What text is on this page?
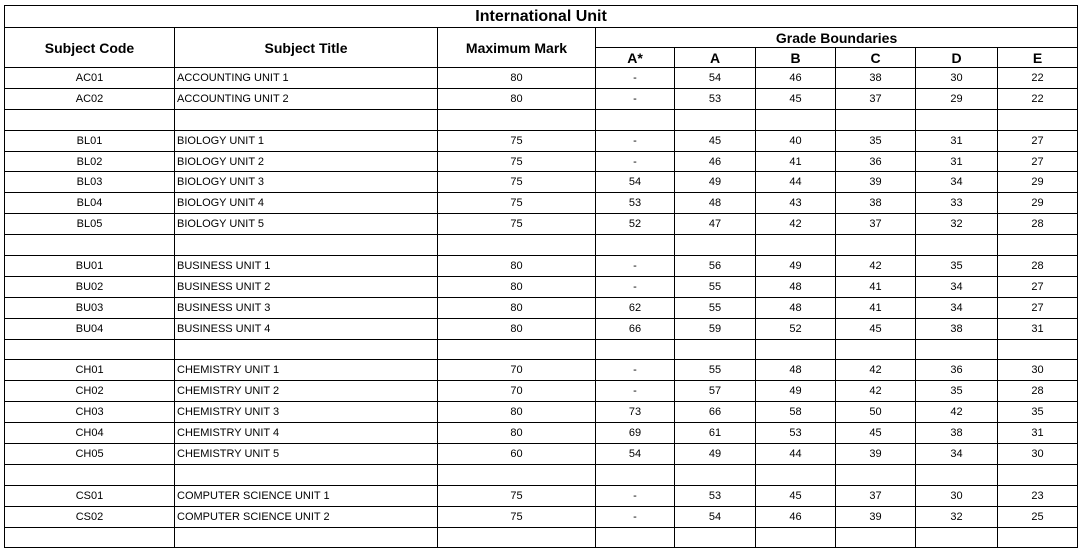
International Unit								
Subject Code	Subject Title	Maximum Mark	Grade Boundaries					
			A*	A	B	C	D	E
AC01	ACCOUNTING UNIT 1	80	-	54	46	38	30	22
AC02	ACCOUNTING UNIT 2	80	-	53	45	37	29	22

BL01	BIOLOGY UNIT 1	75	-	45	40	35	31	27
BL02	BIOLOGY UNIT 2	75	-	46	41	36	31	27
BL03	BIOLOGY UNIT 3	75	54	49	44	39	34	29
BL04	BIOLOGY UNIT 4	75	53	48	43	38	33	29
BL05	BIOLOGY UNIT 5	75	52	47	42	37	32	28

BU01	BUSINESS UNIT 1	80	-	56	49	42	35	28
BU02	BUSINESS UNIT 2	80	-	55	48	41	34	27
BU03	BUSINESS UNIT 3	80	62	55	48	41	34	27
BU04	BUSINESS UNIT 4	80	66	59	52	45	38	31

CH01	CHEMISTRY UNIT 1	70	-	55	48	42	36	30
CH02	CHEMISTRY UNIT 2	70	-	57	49	42	35	28
CH03	CHEMISTRY UNIT 3	80	73	66	58	50	42	35
CH04	CHEMISTRY UNIT 4	80	69	61	53	45	38	31
CH05	CHEMISTRY UNIT 5	60	54	49	44	39	34	30

CS01	COMPUTER SCIENCE UNIT 1	75	-	53	45	37	30	23
CS02	COMPUTER SCIENCE UNIT 2	75	-	54	46	39	32	25
